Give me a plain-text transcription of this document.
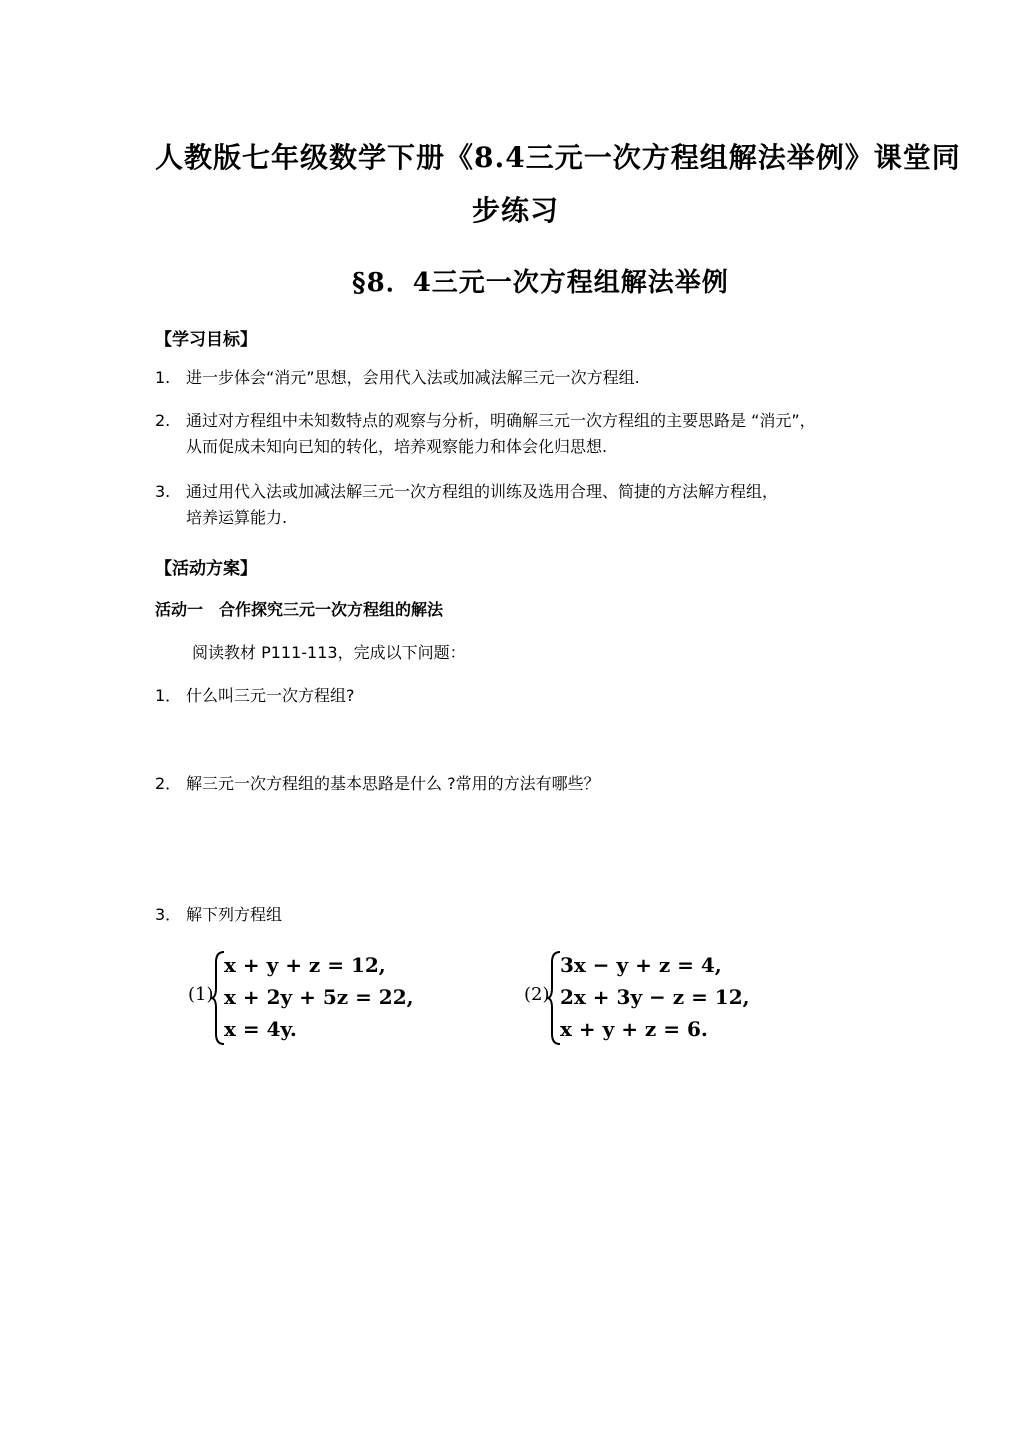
人教版七年级数学下册《8.4三元一次方程组解法举例》课堂同
步练习
§8．4三元一次方程组解法举例
【学习目标】
1. 进一步体会“消元”思想，会用代入法或加减法解三元一次方程组.
2. 通过对方程组中未知数特点的观察与分析，明确解三元一次方程组的主要思路是 “消元”，
从而促成未知向已知的转化，培养观察能力和体会化归思想.
3. 通过用代入法或加减法解三元一次方程组的训练及选用合理、简捷的方法解方程组，
培养运算能力.
【活动方案】
活动一　合作探究三元一次方程组的解法
阅读教材 P111-113，完成以下问题：
1． 什么叫三元一次方程组?
2． 解三元一次方程组的基本思路是什么 ?常用的方法有哪些？
3． 解下列方程组
(1)
x + y + z = 12,
x + 2y + 5z = 22,
x = 4y.
(2)
3x − y + z = 4,
2x + 3y − z = 12,
x + y + z = 6.
